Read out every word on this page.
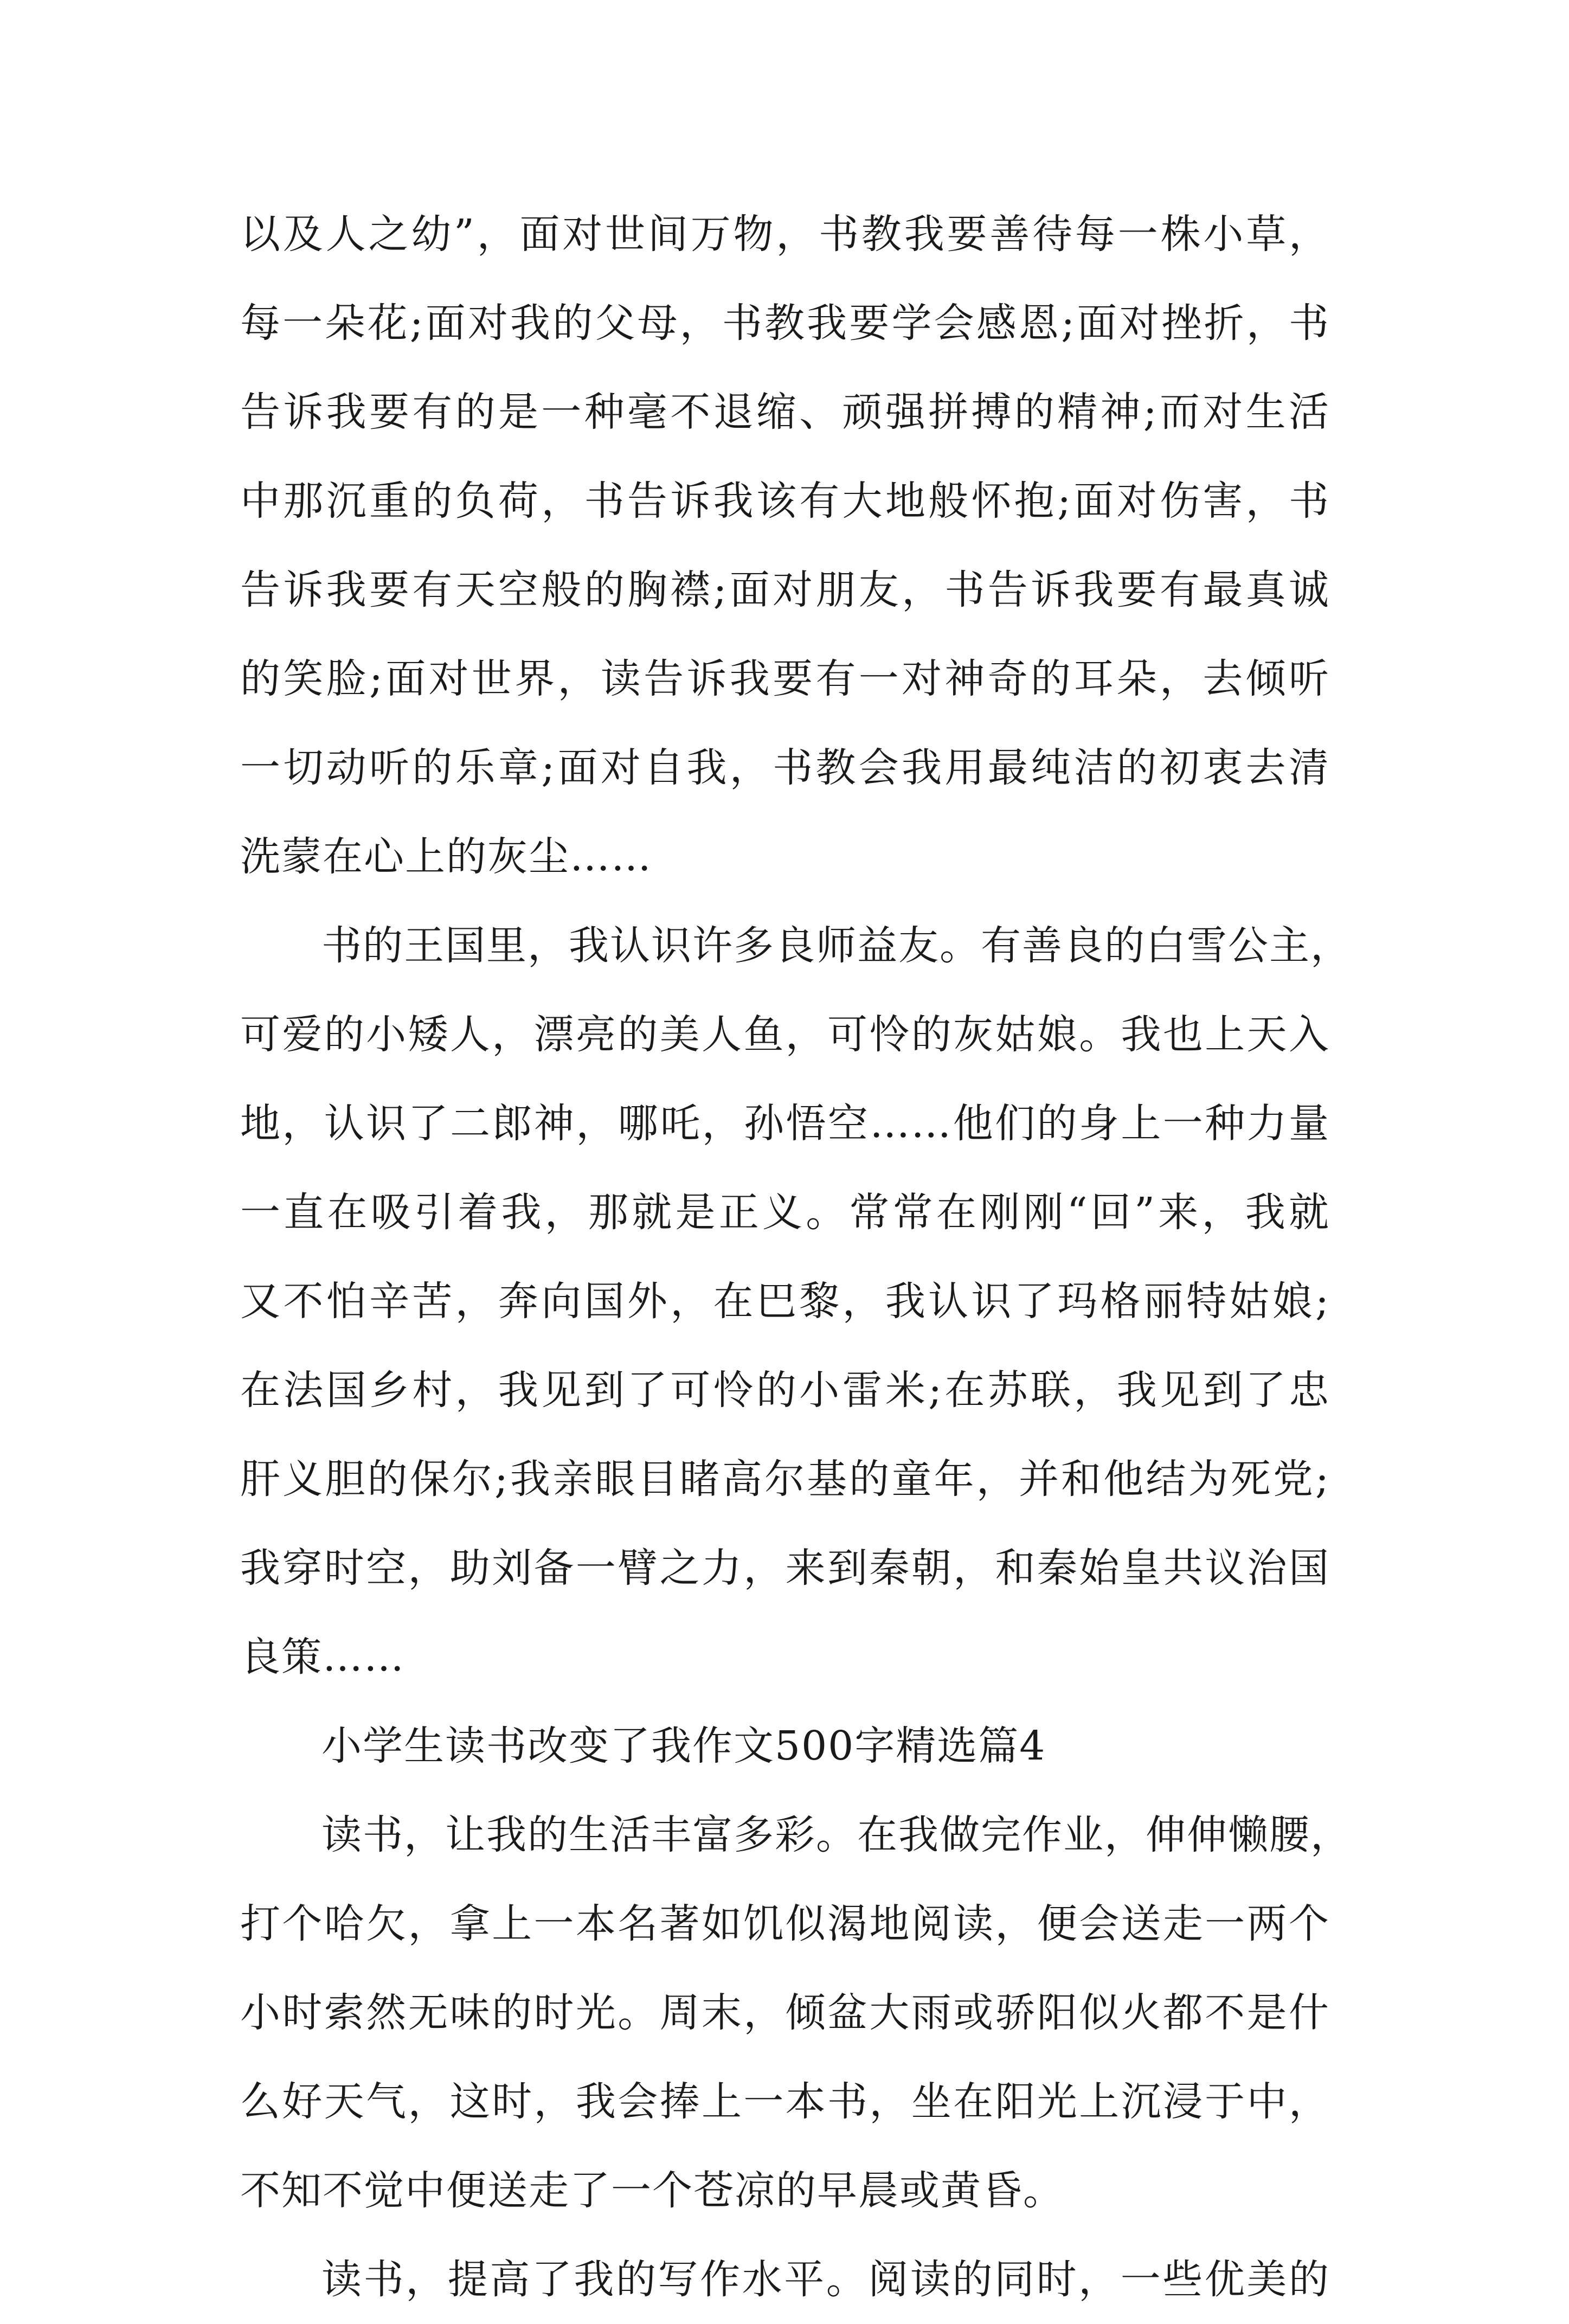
以及人之幼”，面对世间万物，书教我要善待每一株小草，
每一朵花;面对我的父母，书教我要学会感恩;面对挫折，书
告诉我要有的是一种毫不退缩、顽强拼搏的精神;而对生活
中那沉重的负荷，书告诉我该有大地般怀抱;面对伤害，书
告诉我要有天空般的胸襟;面对朋友，书告诉我要有最真诚
的笑脸;面对世界，读告诉我要有一对神奇的耳朵，去倾听
一切动听的乐章;面对自我，书教会我用最纯洁的初衷去清
洗蒙在心上的灰尘……
书的王国里，我认识许多良师益友。有善良的白雪公主，
可爱的小矮人，漂亮的美人鱼，可怜的灰姑娘。我也上天入
地，认识了二郎神，哪吒，孙悟空……他们的身上一种力量
一直在吸引着我，那就是正义。常常在刚刚“回”来，我就
又不怕辛苦，奔向国外，在巴黎，我认识了玛格丽特姑娘;
在法国乡村，我见到了可怜的小雷米;在苏联，我见到了忠
肝义胆的保尔;我亲眼目睹高尔基的童年，并和他结为死党;
我穿时空，助刘备一臂之力，来到秦朝，和秦始皇共议治国
良策……
小学生读书改变了我作文500字精选篇4
读书，让我的生活丰富多彩。在我做完作业，伸伸懒腰，
打个哈欠，拿上一本名著如饥似渴地阅读，便会送走一两个
小时索然无味的时光。周末，倾盆大雨或骄阳似火都不是什
么好天气，这时，我会捧上一本书，坐在阳光上沉浸于中，
不知不觉中便送走了一个苍凉的早晨或黄昏。
读书，提高了我的写作水平。阅读的同时，一些优美的
